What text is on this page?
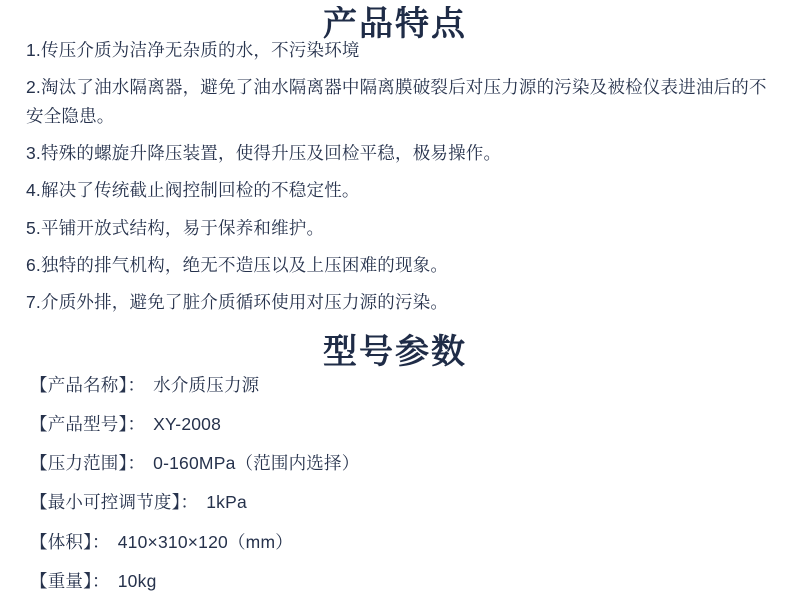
产品特点
1.传压介质为洁净无杂质的水，不污染环境
2.淘汰了油水隔离器，避免了油水隔离器中隔离膜破裂后对压力源的污染及被检仪表进油后的不安全隐患。
3.特殊的螺旋升降压装置，使得升压及回检平稳，极易操作。
4.解决了传统截止阀控制回检的不稳定性。
5.平铺开放式结构，易于保养和维护。
6.独特的排气机构，绝无不造压以及上压困难的现象。
7.介质外排，避免了脏介质循环使用对压力源的污染。
型号参数
【产品名称】： 水介质压力源
【产品型号】： XY-2008
【压力范围】： 0-160MPa（范围内选择）
【最小可控调节度】： 1kPa
【体积】： 410×310×120（mm）
【重量】： 10kg
